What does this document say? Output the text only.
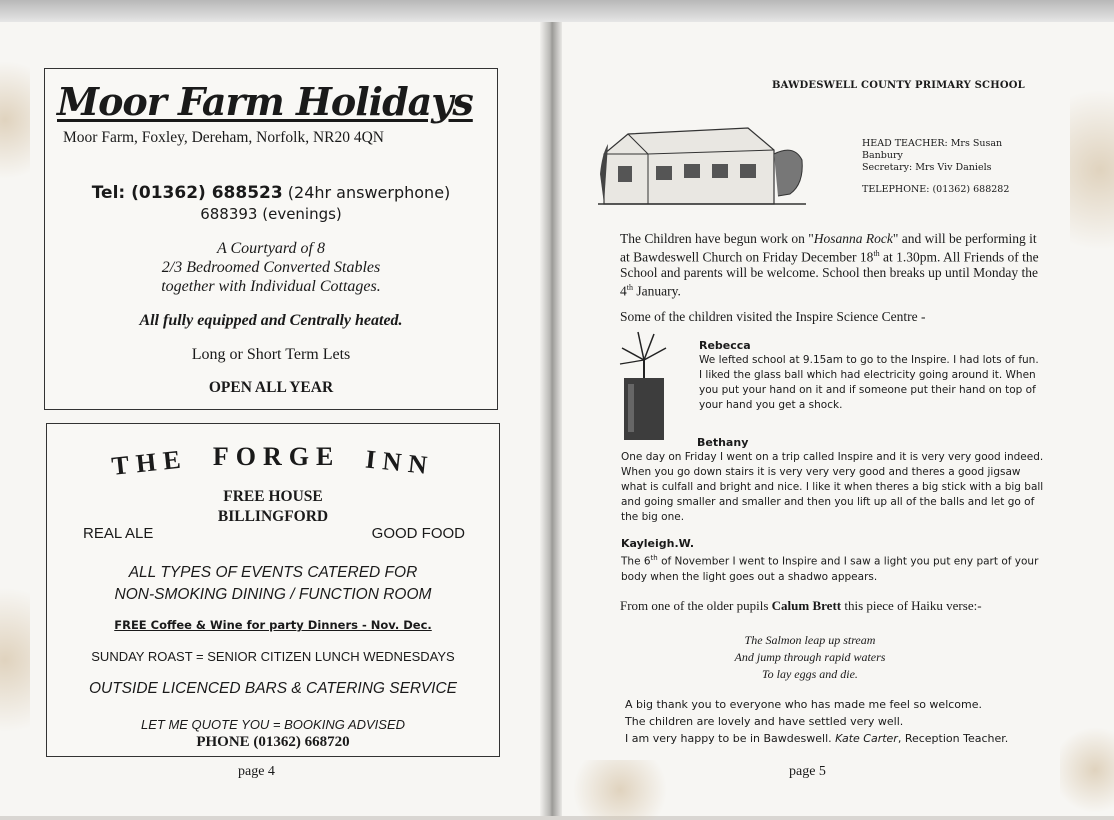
Moor Farm Holidays
Moor Farm, Foxley, Dereham, Norfolk, NR20 4QN
Tel: (01362) 688523 (24hr answerphone)
688393 (evenings)
A Courtyard of 8
2/3 Bedroomed Converted Stables
together with Individual Cottages.
All fully equipped and Centrally heated.
Long or Short Term Lets
OPEN ALL YEAR
THE FORGE INN
FREE HOUSE
BILLINGFORD
REAL ALE	GOOD FOOD
ALL TYPES OF EVENTS CATERED FOR
NON-SMOKING DINING / FUNCTION ROOM
FREE Coffee & Wine for party Dinners - Nov. Dec.
SUNDAY ROAST = SENIOR CITIZEN LUNCH WEDNESDAYS
OUTSIDE LICENCED BARS & CATERING SERVICE
LET ME QUOTE YOU = BOOKING ADVISED
PHONE (01362) 668720
page 4
BAWDESWELL COUNTY PRIMARY SCHOOL
HEAD TEACHER: Mrs Susan Banbury
Secretary: Mrs Viv Daniels
TELEPHONE: (01362) 688282
The Children have begun work on "Hosanna Rock" and will be performing it at Bawdeswell Church on Friday December 18th at 1.30pm. All Friends of the School and parents will be welcome. School then breaks up until Monday the 4th January.
Some of the children visited the Inspire Science Centre -
Rebecca
We lefted school at 9.15am to go to the Inspire. I had lots of fun. I liked the glass ball which had electricity going around it. When you put your hand on it and if someone put their hand on top of your hand you get a shock.
Bethany
One day on Friday I went on a trip called Inspire and it is very very good indeed. When you go down stairs it is very very very good and theres a good jigsaw what is culfall and bright and nice. I like it when theres a big stick with a big ball and going smaller and smaller and then you lift up all of the balls and let go of the big one.
Kayleigh.W.
The 6th of November I went to Inspire and I saw a light you put eny part of your body when the light goes out a shadwo appears.
From one of the older pupils Calum Brett this piece of Haiku verse:-
The Salmon leap up stream
And jump through rapid waters
To lay eggs and die.
A big thank you to everyone who has made me feel so welcome.
The children are lovely and have settled very well.
I am very happy to be in Bawdeswell. Kate Carter, Reception Teacher.
page 5
